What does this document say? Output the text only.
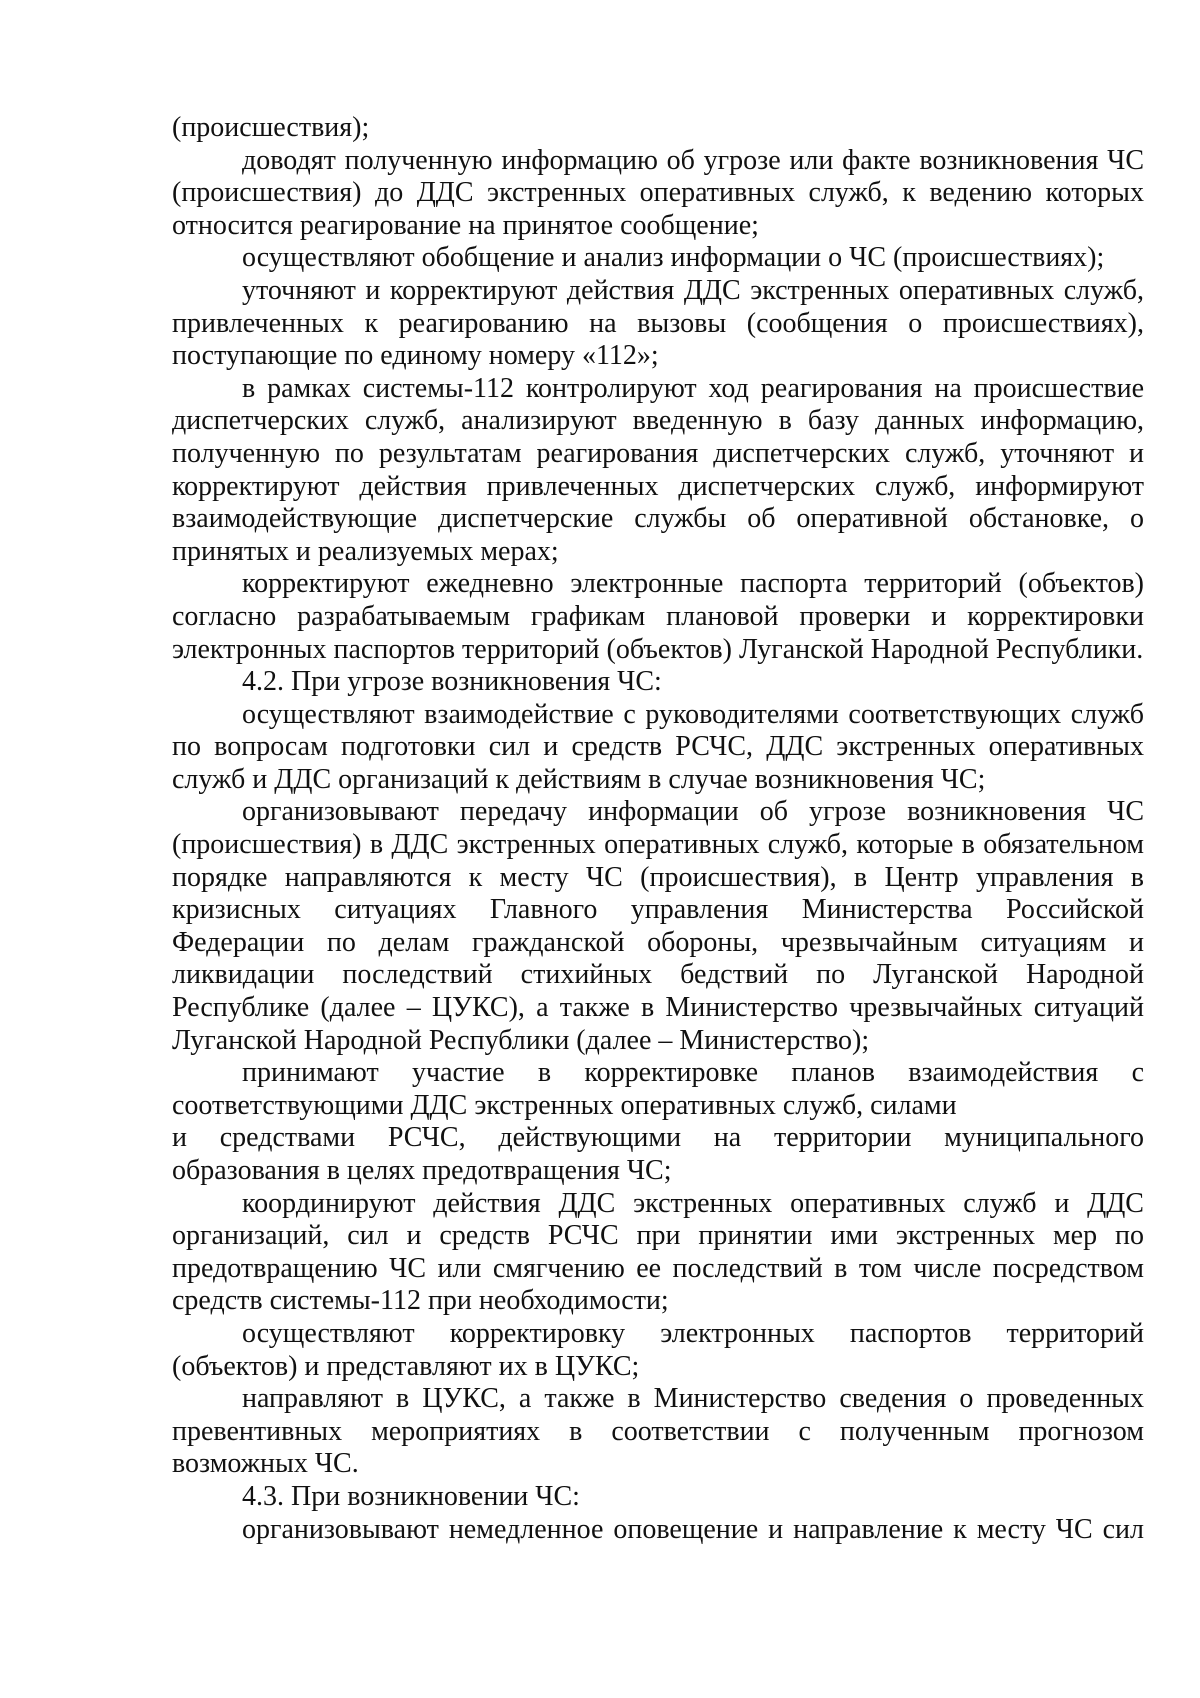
(происшествия);

доводят полученную информацию об угрозе или факте возникновения ЧС (происшествия) до ДДС экстренных оперативных служб, к ведению которых относится реагирование на принятое сообщение;

осуществляют обобщение и анализ информации о ЧС (происшествиях);

уточняют и корректируют действия ДДС экстренных оперативных служб, привлеченных к реагированию на вызовы (сообщения о происшествиях), поступающие по единому номеру «112»;

в рамках системы-112 контролируют ход реагирования на происшествие диспетчерских служб, анализируют введенную в базу данных информацию, полученную по результатам реагирования диспетчерских служб, уточняют и корректируют действия привлеченных диспетчерских служб, информируют взаимодействующие диспетчерские службы об оперативной обстановке, о принятых и реализуемых мерах;

корректируют ежедневно электронные паспорта территорий (объектов) согласно разрабатываемым графикам плановой проверки и корректировки электронных паспортов территорий (объектов) Луганской Народной Республики.

4.2. При угрозе возникновения ЧС:

осуществляют взаимодействие с руководителями соответствующих служб по вопросам подготовки сил и средств РСЧС, ДДС экстренных оперативных служб и ДДС организаций к действиям в случае возникновения ЧС;

организовывают передачу информации об угрозе возникновения ЧС (происшествия) в ДДС экстренных оперативных служб, которые в обязательном порядке направляются к месту ЧС (происшествия), в Центр управления в кризисных ситуациях Главного управления Министерства Российской Федерации по делам гражданской обороны, чрезвычайным ситуациям и ликвидации последствий стихийных бедствий по Луганской Народной Республике (далее – ЦУКС), а также в Министерство чрезвычайных ситуаций Луганской Народной Республики (далее – Министерство);

принимают участие в корректировке планов взаимодействия с соответствующими ДДС экстренных оперативных служб, силами

и средствами РСЧС, действующими на территории муниципального образования в целях предотвращения ЧС;

координируют действия ДДС экстренных оперативных служб и ДДС организаций, сил и средств РСЧС при принятии ими экстренных мер по предотвращению ЧС или смягчению ее последствий в том числе посредством средств системы-112 при необходимости;

осуществляют корректировку электронных паспортов территорий (объектов) и представляют их в ЦУКС;

направляют в ЦУКС, а также в Министерство сведения о проведенных превентивных мероприятиях в соответствии с полученным прогнозом возможных ЧС.

4.3. При возникновении ЧС:

организовывают немедленное оповещение и направление к месту ЧС сил
